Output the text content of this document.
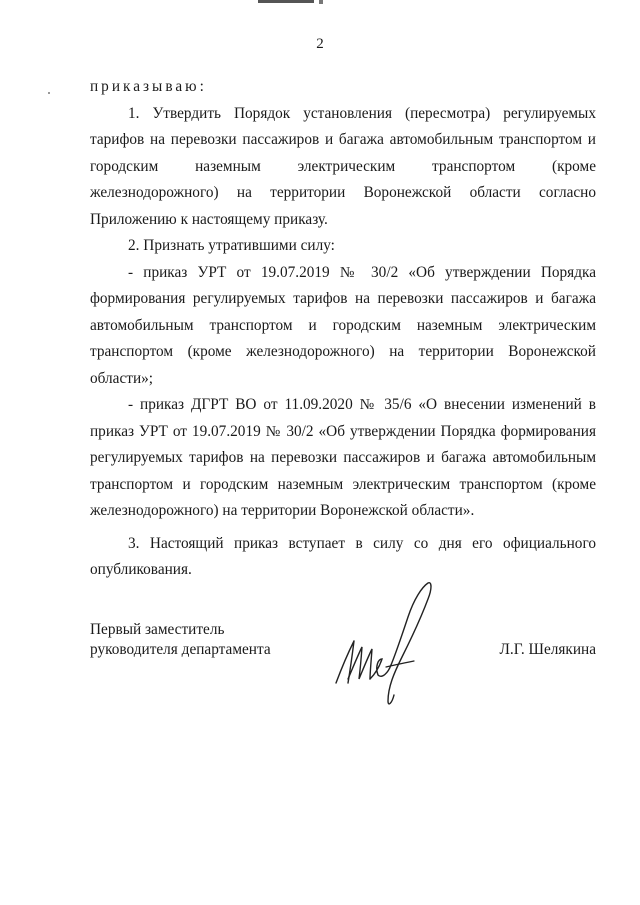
2

приказываю:

1. Утвердить Порядок установления (пересмотра) регулируемых тарифов на перевозки пассажиров и багажа автомобильным транспортом и городским наземным электрическим транспортом (кроме железнодорожного) на территории Воронежской области согласно Приложению к настоящему приказу.

2. Признать утратившими силу:

- приказ УРТ от 19.07.2019 № 30/2 «Об утверждении Порядка формирования регулируемых тарифов на перевозки пассажиров и багажа автомобильным транспортом и городским наземным электрическим транспортом (кроме железнодорожного) на территории Воронежской области»;

- приказ ДГРТ ВО от 11.09.2020 № 35/6 «О внесении изменений в приказ УРТ от 19.07.2019 № 30/2 «Об утверждении Порядка формирования регулируемых тарифов на перевозки пассажиров и багажа автомобильным транспортом и городским наземным электрическим транспортом (кроме железнодорожного) на территории Воронежской области».

3. Настоящий приказ вступает в силу со дня его официального опубликования.

Первый заместитель
руководителя департамента	Л.Г. Шелякина
